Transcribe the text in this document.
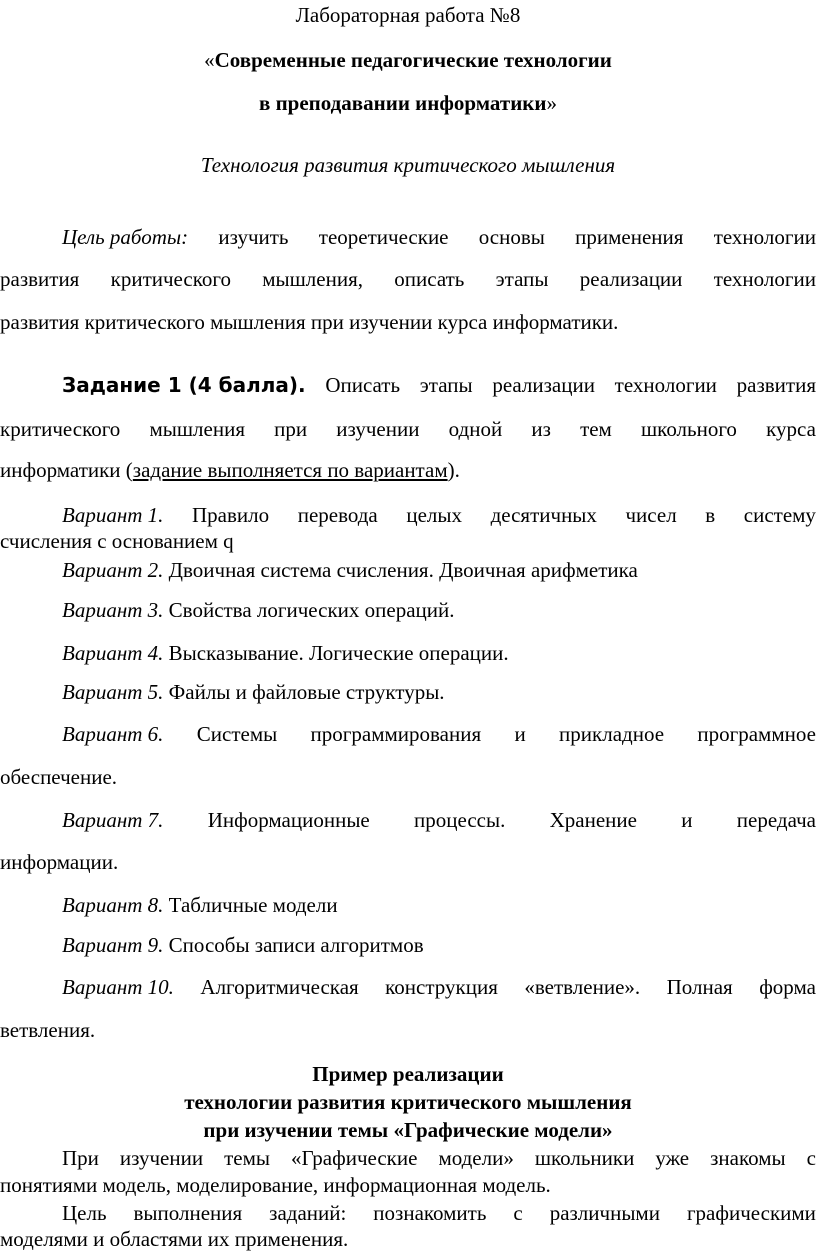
Лабораторная работа №8
«Современные педагогические технологии
в преподавании информатики»
Технология развития критического мышления
Цель работы: изучить теоретические основы применения технологии
развития критического мышления, описать этапы реализации технологии
развития критического мышления при изучении курса информатики.
Задание 1 (4 балла). Описать этапы реализации технологии развития
критического мышления при изучении одной из тем школьного курса
информатики (задание выполняется по вариантам).
Вариант 1. Правило перевода целых десятичных чисел в систему
счисления с основанием q
Вариант 2. Двоичная система счисления. Двоичная арифметика
Вариант 3. Свойства логических операций.
Вариант 4. Высказывание. Логические операции.
Вариант 5. Файлы и файловые структуры.
Вариант 6. Системы программирования и прикладное программное
обеспечение.
Вариант 7. Информационные процессы. Хранение и передача
информации.
Вариант 8. Табличные модели
Вариант 9. Способы записи алгоритмов
Вариант 10. Алгоритмическая конструкция «ветвление». Полная форма
ветвления.
Пример реализации
технологии развития критического мышления
при изучении темы «Графические модели»
При изучении темы «Графические модели» школьники уже знакомы с
понятиями модель, моделирование, информационная модель.
Цель выполнения заданий: познакомить с различными графическими
моделями и областями их применения.
